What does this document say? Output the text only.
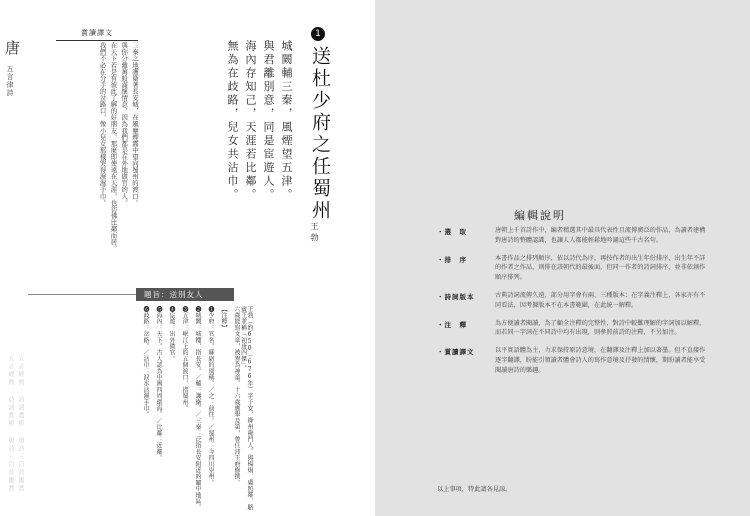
唐
五言律詩
五言經典 詩詞賞析 唐詩三百首鑑賞 五言經典 詩詞賞析 唐詩三百首鑑賞
賞讀譯文
三秦之地護衛著長安城，在風塵煙霧中望向蜀州的渡口。
與你分離萬般滿懷情意，因為我們都是在外地做官的人。
在天下若是有彼此了解的好朋友，那麼即使遠在天涯，也彷彿比鄰而居。
我們不必在分手的岔路口，像小兒女那樣哭得淚濕手巾。
1
送杜少府之任蜀州
王勃
城闕輔三秦，風煙望五津。
與君離別意，同是宦遊人。
海內存知己，天涯若比鄰。
無為在歧路，兒女共沾巾。
題旨：送別友人
王勃（約650－676年）字子安，絳州龍門人。與楊炯、盧照鄰、駱賓王並稱「初唐四傑」。
六歲能寫文章，被譽為神童。十六歲應舉及第，曾任沛王府修撰。
【注釋】
❶少府：官名。縣尉的別稱。／之：前往。／蜀州：今四川崇州。
❷城闕：城樓，指長安。／輔：護衛。／三秦：泛指長安附近的關中地區。
❸五津：岷江上的五個渡口，指蜀州。
❹宦遊：出外做官。
❺海內：天下。古人認為中國四周環海。／比鄰：近鄰。
❻歧路：岔路。／沾巾：淚水沾濕手巾。
編輯說明
・選　取	唐朝上千首詩作中，編者精選其中最具代表性且流傳廣泛的作品，為讀者建構對唐詩的整體認識，也讓人人都能輕鬆地吟誦這些千古名句。
・排　序	本書作品之排列順序，依以詩代為序，再按作者的出生年份排序，出生年不詳的作者之作品，則排在該朝代的最後面，但同一作者的詩詞排序，並非依創作順序排列。
・詩詞版本	古典詩詞流傳久遠，部分用字會有兩、三種版本；在字義注釋上，各家亦有不同看法，因考據版本不在本書範圍，在此統一解釋。
・注　釋	為方便讀者閱讀，為了顧全注釋的完整性，對詩中較難理解的字詞加以解釋，而若同一字詞在不同詩中均有出現，則參照前詩的注釋，不另加注。
・賞讀譯文	以平實語體為主，力求保持原詩意境，在翻譯及注釋上加以著墨。但不直接作逐字翻譯，盼能引領讀者體會詩人的寫作意境及抒發的情懷，期盼讀者能享受閱讀唐詩的樂趣。
以上事項，特此請各見諒。
